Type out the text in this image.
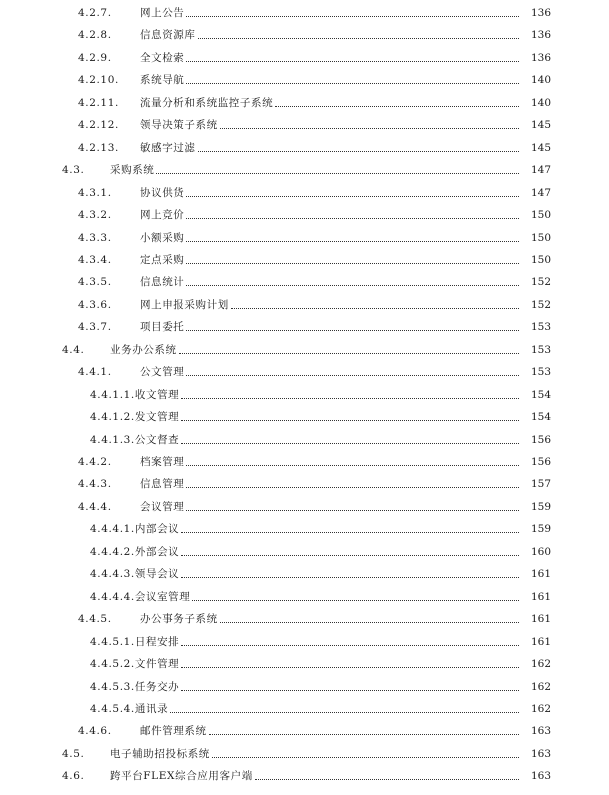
4.2.7.	网上公告	136
4.2.8.	信息资源库	136
4.2.9.	全文检索	136
4.2.10.	系统导航	140
4.2.11.	流量分析和系统监控子系统	140
4.2.12.	领导决策子系统	145
4.2.13.	敏感字过滤	145
4.3.	采购系统	147
4.3.1.	协议供货	147
4.3.2.	网上竞价	150
4.3.3.	小额采购	150
4.3.4.	定点采购	150
4.3.5.	信息统计	152
4.3.6.	网上申报采购计划	152
4.3.7.	项目委托	153
4.4.	业务办公系统	153
4.4.1.	公文管理	153
4.4.1.1. 收文管理	154
4.4.1.2. 发文管理	154
4.4.1.3. 公文督查	156
4.4.2.	档案管理	156
4.4.3.	信息管理	157
4.4.4.	会议管理	159
4.4.4.1. 内部会议	159
4.4.4.2. 外部会议	160
4.4.4.3. 领导会议	161
4.4.4.4. 会议室管理	161
4.4.5.	办公事务子系统	161
4.4.5.1. 日程安排	161
4.4.5.2. 文件管理	162
4.4.5.3. 任务交办	162
4.4.5.4. 通讯录	162
4.4.6.	邮件管理系统	163
4.5.	电子辅助招投标系统	163
4.6.	跨平台FLEX综合应用客户端	163
